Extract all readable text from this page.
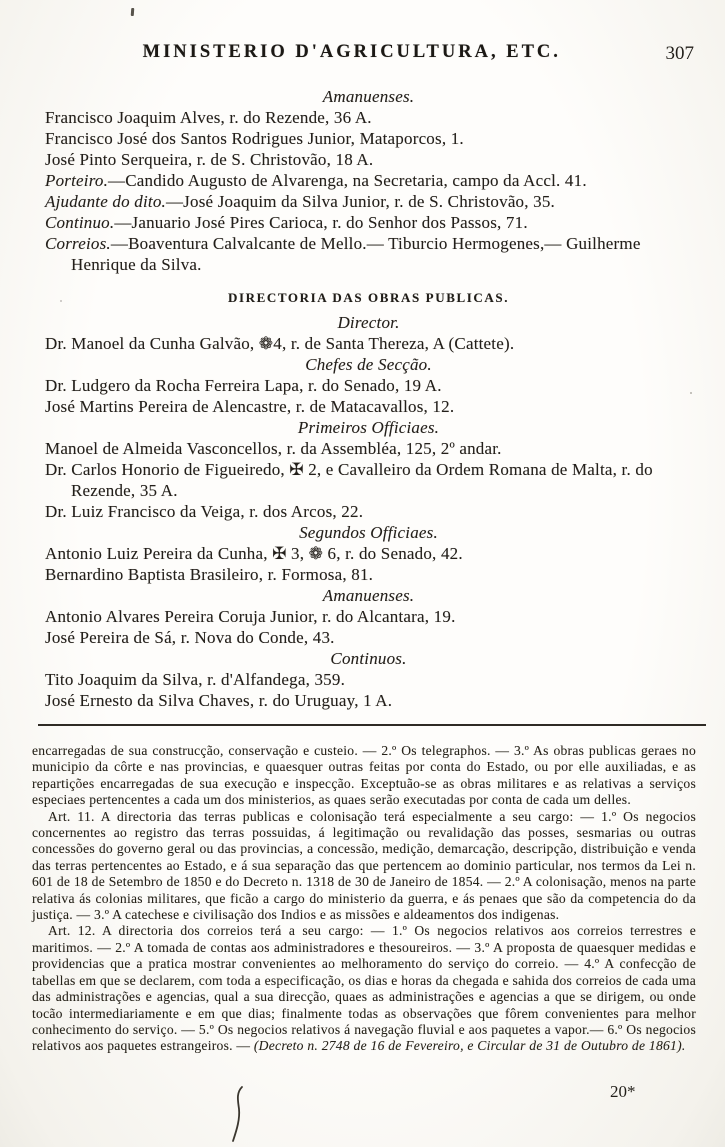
MINISTERIO D'AGRICULTURA, ETC.	307
Amanuenses.
Francisco Joaquim Alves, r. do Rezende, 36 A.
Francisco José dos Santos Rodrigues Junior, Mataporcos, 1.
José Pinto Serqueira, r. de S. Christovão, 18 A.
Porteiro.—Candido Augusto de Alvarenga, na Secretaria, campo da Accl. 41.
Ajudante do dito.—José Joaquim da Silva Junior, r. de S. Christovão, 35.
Continuo.—Januario José Pires Carioca, r. do Senhor dos Passos, 71.
Correios.—Boaventura Calvalcante de Mello.— Tiburcio Hermogenes,— Guilherme Henrique da Silva.
DIRECTORIA DAS OBRAS PUBLICAS.
Director.
Dr. Manoel da Cunha Galvão, ❁4, r. de Santa Thereza, A (Cattete).
Chefes de Secção.
Dr. Ludgero da Rocha Ferreira Lapa, r. do Senado, 19 A.
José Martins Pereira de Alencastre, r. de Matacavallos, 12.
Primeiros Officiaes.
Manoel de Almeida Vasconcellos, r. da Assembléa, 125, 2º andar.
Dr. Carlos Honorio de Figueiredo, ✠ 2, e Cavalleiro da Ordem Romana de Malta, r. do Rezende, 35 A.
Dr. Luiz Francisco da Veiga, r. dos Arcos, 22.
Segundos Officiaes.
Antonio Luiz Pereira da Cunha, ✠ 3, ❁ 6, r. do Senado, 42.
Bernardino Baptista Brasileiro, r. Formosa, 81.
Amanuenses.
Antonio Alvares Pereira Coruja Junior, r. do Alcantara, 19.
José Pereira de Sá, r. Nova do Conde, 43.
Continuos.
Tito Joaquim da Silva, r. d'Alfandega, 359.
José Ernesto da Silva Chaves, r. do Uruguay, 1 A.

encarregadas de sua construcção, conservação e custeio. — 2.º Os telegraphos. — 3.º As obras publicas geraes no municipio da côrte e nas provincias, e quaesquer outras feitas por conta do Estado, ou por elle auxiliadas, e as repartições encarregadas de sua execução e inspecção. Exceptuão-se as obras militares e as relativas a serviços especiaes pertencentes a cada um dos ministerios, as quaes serão executadas por conta de cada um delles.

Art. 11. A directoria das terras publicas e colonisação terá especialmente a seu cargo: — 1.º Os negocios concernentes ao registro das terras possuidas, á legitimação ou revalidação das posses, sesmarias ou outras concessões do governo geral ou das provincias, a concessão, medição, demarcação, descripção, distribuição e venda das terras pertencentes ao Estado, e á sua separação das que pertencem ao dominio particular, nos termos da Lei n. 601 de 18 de Setembro de 1850 e do Decreto n. 1318 de 30 de Janeiro de 1854. — 2.º A colonisação, menos na parte relativa ás colonias militares, que ficão a cargo do ministerio da guerra, e ás penaes que são da competencia do da justiça. — 3.º A catechese e civilisação dos Indios e as missões e aldeamentos dos indigenas.

Art. 12. A directoria dos correios terá a seu cargo: — 1.º Os negocios relativos aos correios terrestres e maritimos. — 2.º A tomada de contas aos administradores e thesoureiros. — 3.º A proposta de quaesquer medidas e providencias que a pratica mostrar convenientes ao melhoramento do serviço do correio. — 4.º A confecção de tabellas em que se declarem, com toda a especificação, os dias e horas da chegada e sahida dos correios de cada uma das administrações e agencias, qual a sua direcção, quaes as administrações e agencias a que se dirigem, ou onde tocão intermediariamente e em que dias; finalmente todas as observações que fôrem convenientes para melhor conhecimento do serviço. — 5.º Os negocios relativos á navegação fluvial e aos paquetes a vapor.— 6.º Os negocios relativos aos paquetes estrangeiros. — (Decreto n. 2748 de 16 de Fevereiro, e Circular de 31 de Outubro de 1861).

20*
